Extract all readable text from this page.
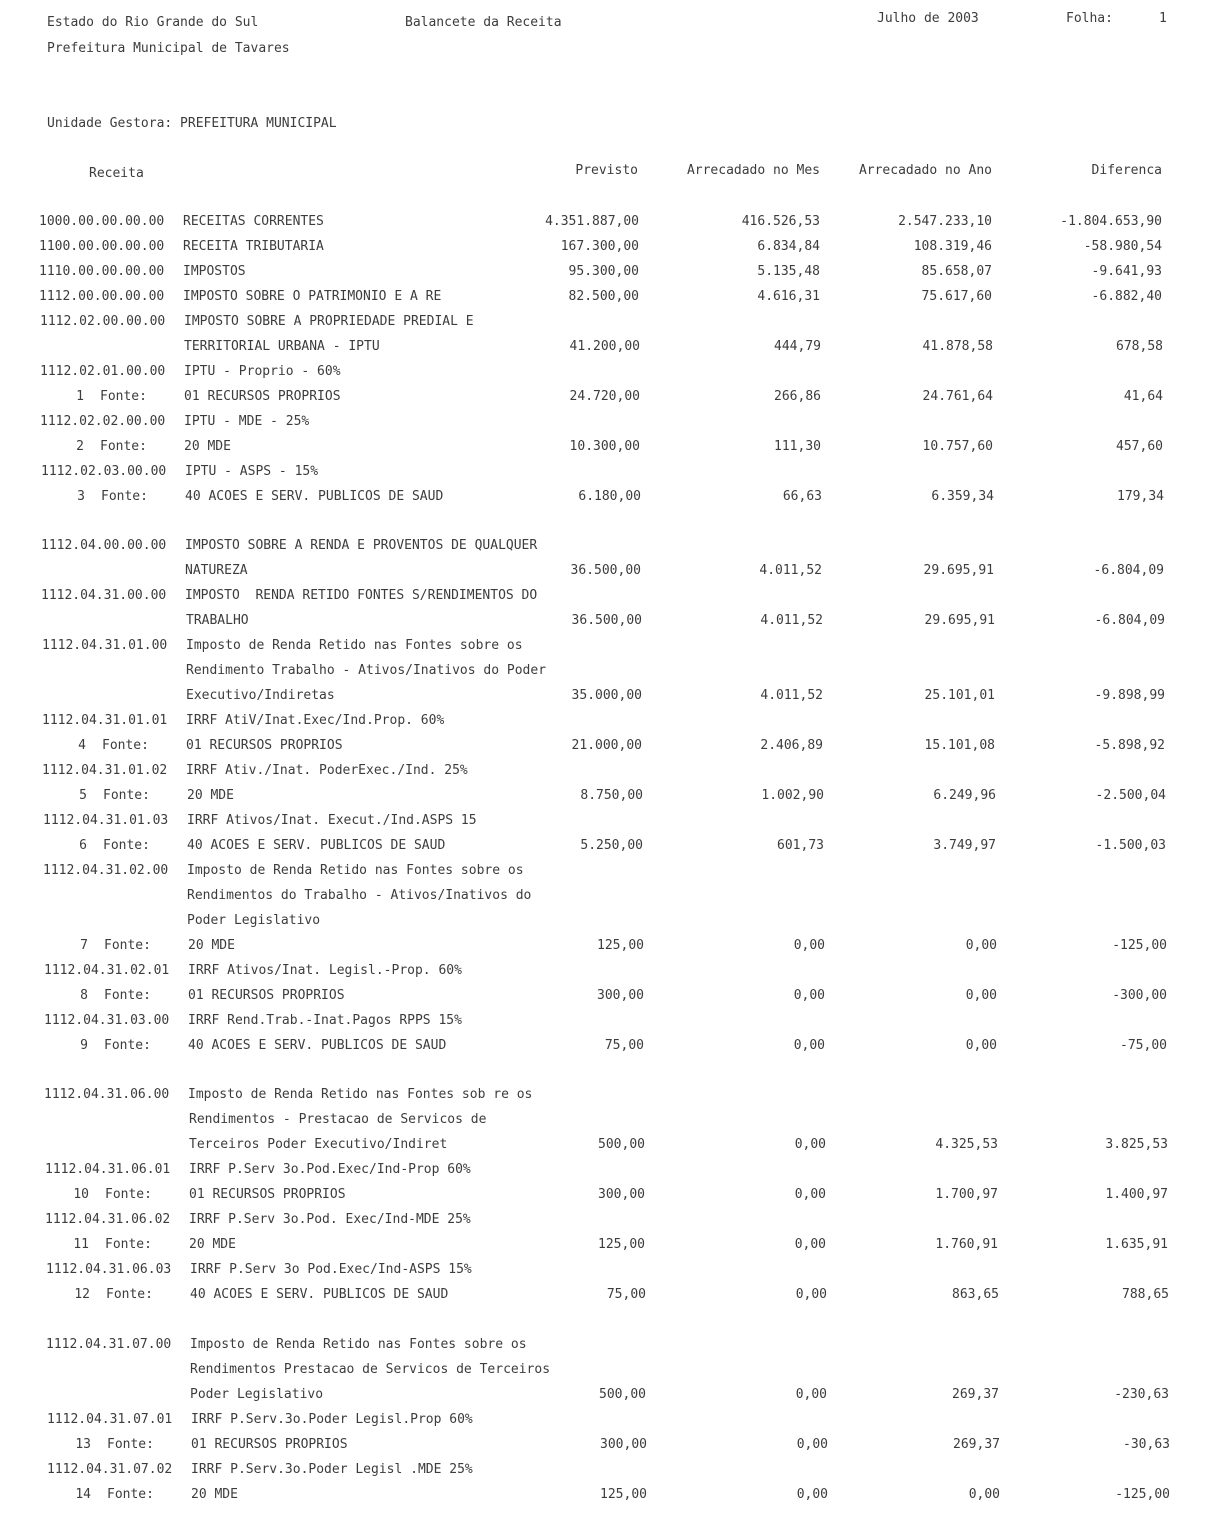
Estado do Rio Grande do Sul	Balancete da Receita	Julho de 2003	Folha:	1
Prefeitura Municipal de Tavares
Unidade Gestora: PREFEITURA MUNICIPAL
Receita	Previsto	Arrecadado no Mes	Arrecadado no Ano	Diferenca
1000.00.00.00.00 RECEITAS CORRENTES	4.351.887,00	416.526,53	2.547.233,10	-1.804.653,90
1100.00.00.00.00 RECEITA TRIBUTARIA	167.300,00	6.834,84	108.319,46	-58.980,54
1110.00.00.00.00 IMPOSTOS	95.300,00	5.135,48	85.658,07	-9.641,93
1112.00.00.00.00 IMPOSTO SOBRE O PATRIMONIO E A RE	82.500,00	4.616,31	75.617,60	-6.882,40
1112.02.00.00.00 IMPOSTO SOBRE A PROPRIEDADE PREDIAL E
TERRITORIAL URBANA - IPTU	41.200,00	444,79	41.878,58	678,58
1112.02.01.00.00 IPTU - Proprio - 60%
1 Fonte:	01 RECURSOS PROPRIOS	24.720,00	266,86	24.761,64	41,64
1112.02.02.00.00 IPTU - MDE - 25%
2 Fonte:	20 MDE	10.300,00	111,30	10.757,60	457,60
1112.02.03.00.00 IPTU - ASPS - 15%
3 Fonte:	40 ACOES E SERV. PUBLICOS DE SAUD	6.180,00	66,63	6.359,34	179,34
1112.04.00.00.00 IMPOSTO SOBRE A RENDA E PROVENTOS DE QUALQUER
NATUREZA	36.500,00	4.011,52	29.695,91	-6.804,09
1112.04.31.00.00 IMPOSTO  RENDA RETIDO FONTES S/RENDIMENTOS DO
TRABALHO	36.500,00	4.011,52	29.695,91	-6.804,09
1112.04.31.01.00 Imposto de Renda Retido nas Fontes sobre os
Rendimento Trabalho - Ativos/Inativos do Poder
Executivo/Indiretas	35.000,00	4.011,52	25.101,01	-9.898,99
1112.04.31.01.01 IRRF AtiV/Inat.Exec/Ind.Prop. 60%
4 Fonte:	01 RECURSOS PROPRIOS	21.000,00	2.406,89	15.101,08	-5.898,92
1112.04.31.01.02 IRRF Ativ./Inat. PoderExec./Ind. 25%
5 Fonte:	20 MDE	8.750,00	1.002,90	6.249,96	-2.500,04
1112.04.31.01.03 IRRF Ativos/Inat. Execut./Ind.ASPS 15
6 Fonte:	40 ACOES E SERV. PUBLICOS DE SAUD	5.250,00	601,73	3.749,97	-1.500,03
1112.04.31.02.00 Imposto de Renda Retido nas Fontes sobre os
Rendimentos do Trabalho - Ativos/Inativos do
Poder Legislativo
7 Fonte:	20 MDE	125,00	0,00	0,00	-125,00
1112.04.31.02.01 IRRF Ativos/Inat. Legisl.-Prop. 60%
8 Fonte:	01 RECURSOS PROPRIOS	300,00	0,00	0,00	-300,00
1112.04.31.03.00 IRRF Rend.Trab.-Inat.Pagos RPPS 15%
9 Fonte:	40 ACOES E SERV. PUBLICOS DE SAUD	75,00	0,00	0,00	-75,00
1112.04.31.06.00 Imposto de Renda Retido nas Fontes sob re os
Rendimentos - Prestacao de Servicos de
Terceiros Poder Executivo/Indiret	500,00	0,00	4.325,53	3.825,53
1112.04.31.06.01 IRRF P.Serv 3o.Pod.Exec/Ind-Prop 60%
10 Fonte:	01 RECURSOS PROPRIOS	300,00	0,00	1.700,97	1.400,97
1112.04.31.06.02 IRRF P.Serv 3o.Pod. Exec/Ind-MDE 25%
11 Fonte:	20 MDE	125,00	0,00	1.760,91	1.635,91
1112.04.31.06.03 IRRF P.Serv 3o Pod.Exec/Ind-ASPS 15%
12 Fonte:	40 ACOES E SERV. PUBLICOS DE SAUD	75,00	0,00	863,65	788,65
1112.04.31.07.00 Imposto de Renda Retido nas Fontes sobre os
Rendimentos Prestacao de Servicos de Terceiros
Poder Legislativo	500,00	0,00	269,37	-230,63
1112.04.31.07.01 IRRF P.Serv.3o.Poder Legisl.Prop 60%
13 Fonte:	01 RECURSOS PROPRIOS	300,00	0,00	269,37	-30,63
1112.04.31.07.02 IRRF P.Serv.3o.Poder Legisl .MDE 25%
14 Fonte:	20 MDE	125,00	0,00	0,00	-125,00
